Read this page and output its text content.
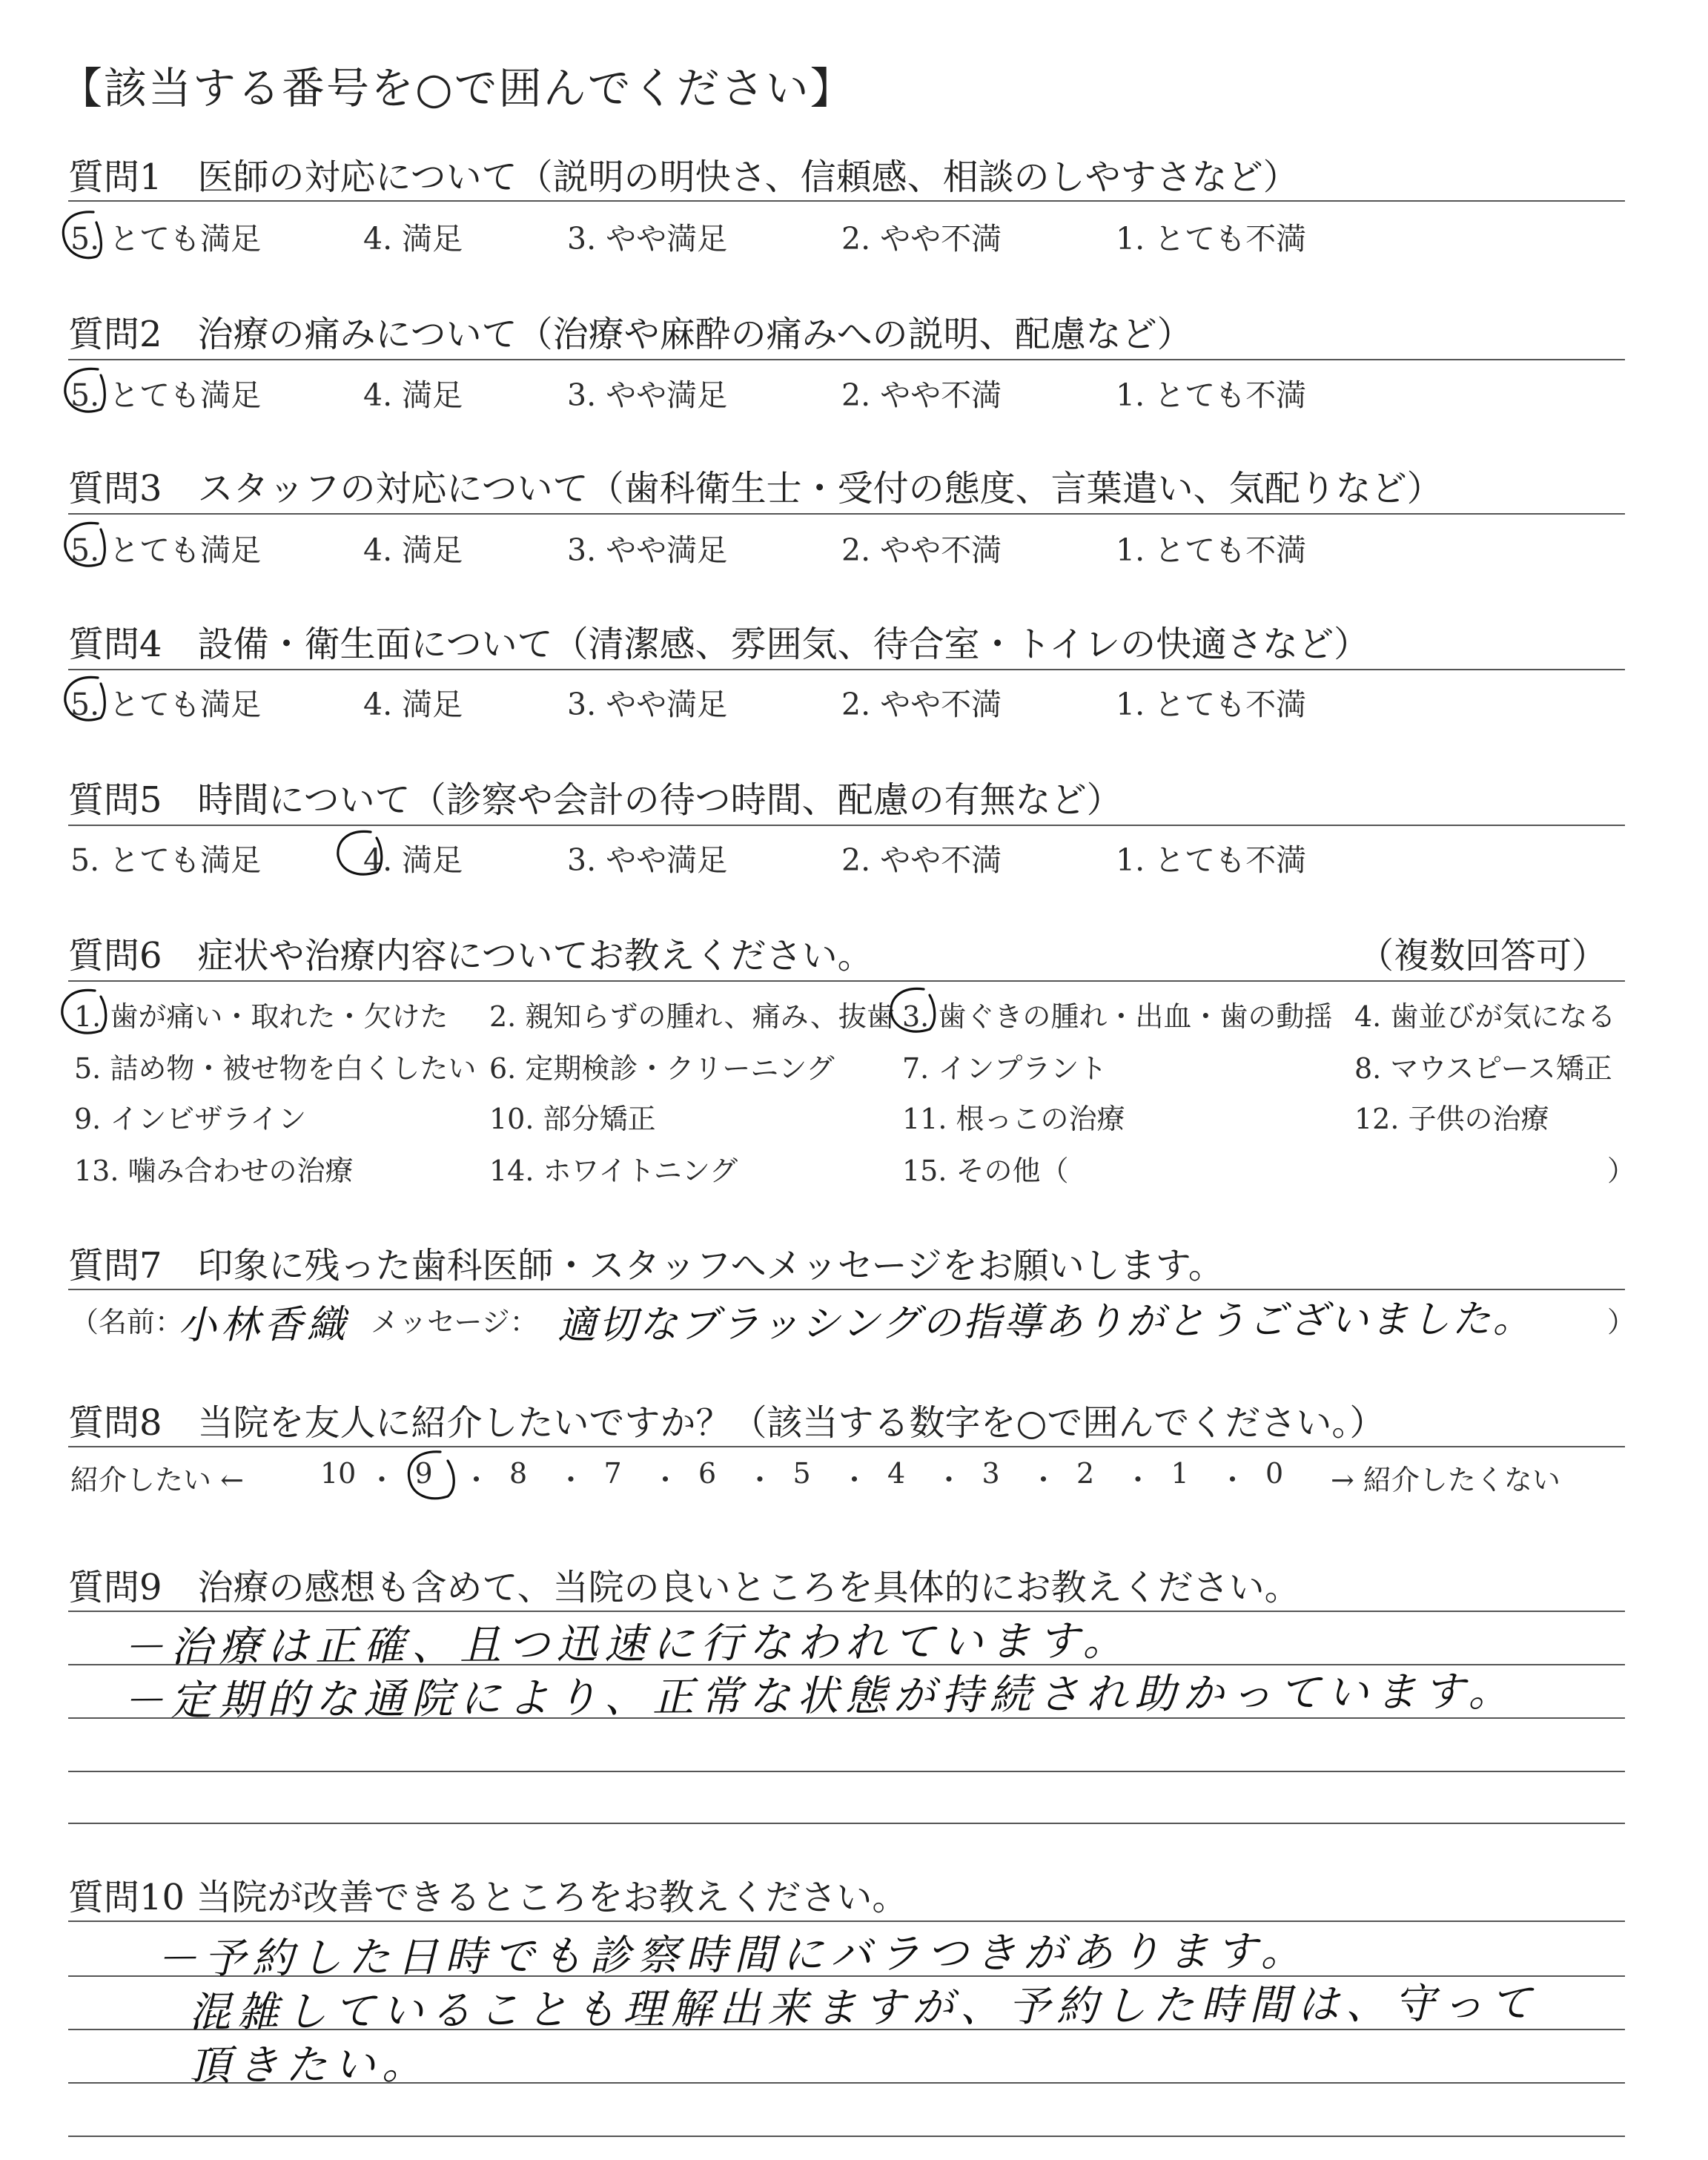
【該当する番号を○で囲んでください】
質問1　医師の対応について（説明の明快さ、信頼感、相談のしやすさなど）
5. とても満足	4. 満足	3. やや満足	2. やや不満	1. とても不満
質問2　治療の痛みについて（治療や麻酔の痛みへの説明、配慮など）
5. とても満足	4. 満足	3. やや満足	2. やや不満	1. とても不満
質問3　スタッフの対応について（歯科衛生士・受付の態度、言葉遣い、気配りなど）
5. とても満足	4. 満足	3. やや満足	2. やや不満	1. とても不満
質問4　設備・衛生面について（清潔感、雰囲気、待合室・トイレの快適さなど）
5. とても満足	4. 満足	3. やや満足	2. やや不満	1. とても不満
質問5　時間について（診察や会計の待つ時間、配慮の有無など）
5. とても満足	4. 満足	3. やや満足	2. やや不満	1. とても不満
質問6　症状や治療内容についてお教えください。	（複数回答可）
1. 歯が痛い・取れた・欠けた 2. 親知らずの腫れ、痛み、抜歯 3. 歯ぐきの腫れ・出血・歯の動揺 4. 歯並びが気になる
5. 詰め物・被せ物を白くしたい 6. 定期検診・クリーニング 7. インプラント	8. マウスピース矯正
9. インビザライン	10. 部分矯正	11. 根っこの治療	12. 子供の治療
13. 噛み合わせの治療	14. ホワイトニング	15. その他（	）
質問7　印象に残った歯科医師・スタッフへメッセージをお願いします。
（名前：
小林香織 メッセージ： 適切なブラッシングの指導ありがとうございました。	）
質問8　当院を友人に紹介したいですか？（該当する数字を○で囲んでください。）
紹介したい ←	→ 紹介したくない
10 ・ 9 ・ 8 ・ 7 ・ 6 ・ 5 ・ 4 ・ 3 ・ 2 ・ 1 ・ 0
質問9　治療の感想も含めて、当院の良いところを具体的にお教えください。
－治療は正確、且つ迅速に行なわれています。
－定期的な通院により、正常な状態が持続され助かっています。
質問10 当院が改善できるところをお教えください。
－予約した日時でも診察時間にバラつきがあります。
混雑していることも理解出来ますが、予約した時間は、守って
頂きたい。
